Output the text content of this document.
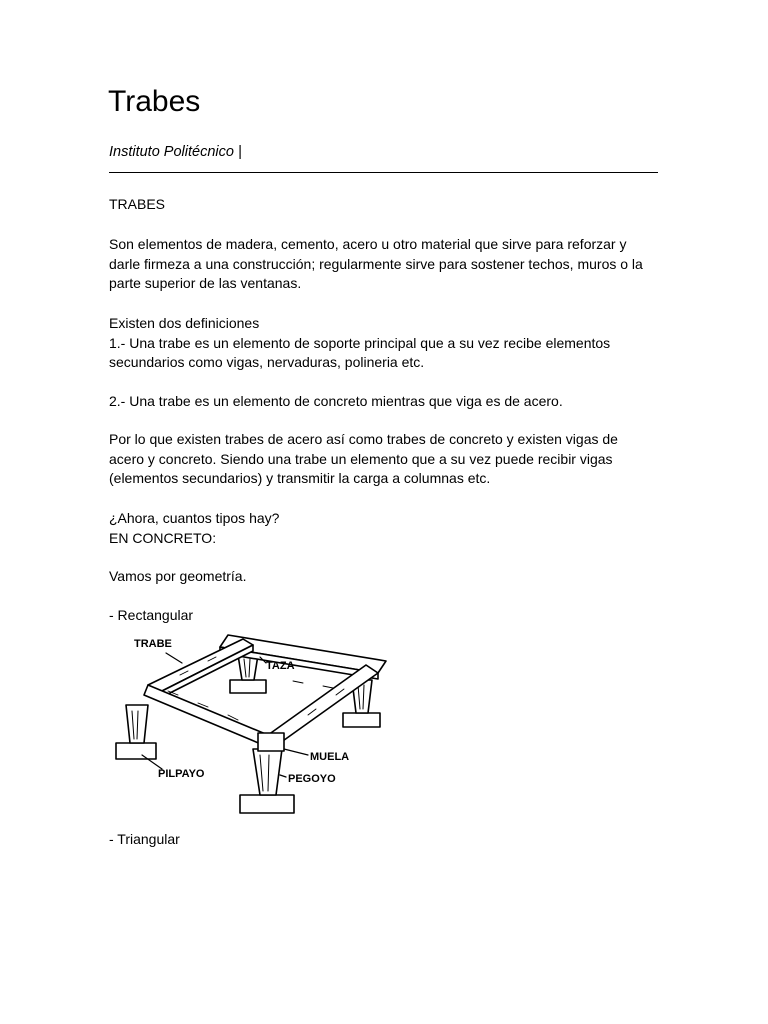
Trabes
Instituto Politécnico |

TRABES

Son elementos de madera, cemento, acero u otro material que sirve para reforzar y
darle firmeza a una construcción; regularmente sirve para sostener techos, muros o la
parte superior de las ventanas.

Existen dos definiciones
1.- Una trabe es un elemento de soporte principal que a su vez recibe elementos
secundarios como vigas, nervaduras, polineria etc.

2.- Una trabe es un elemento de concreto mientras que viga es de acero.

Por lo que existen trabes de acero así como trabes de concreto y existen vigas de
acero y concreto. Siendo una trabe un elemento que a su vez puede recibir vigas
(elementos secundarios) y transmitir la carga a columnas etc.

¿Ahora, cuantos tipos hay?
EN CONCRETO:

Vamos por geometría.

- Rectangular

TRABE
TAZA
MUELA
PEGOYO
PILPAYO

- Triangular
